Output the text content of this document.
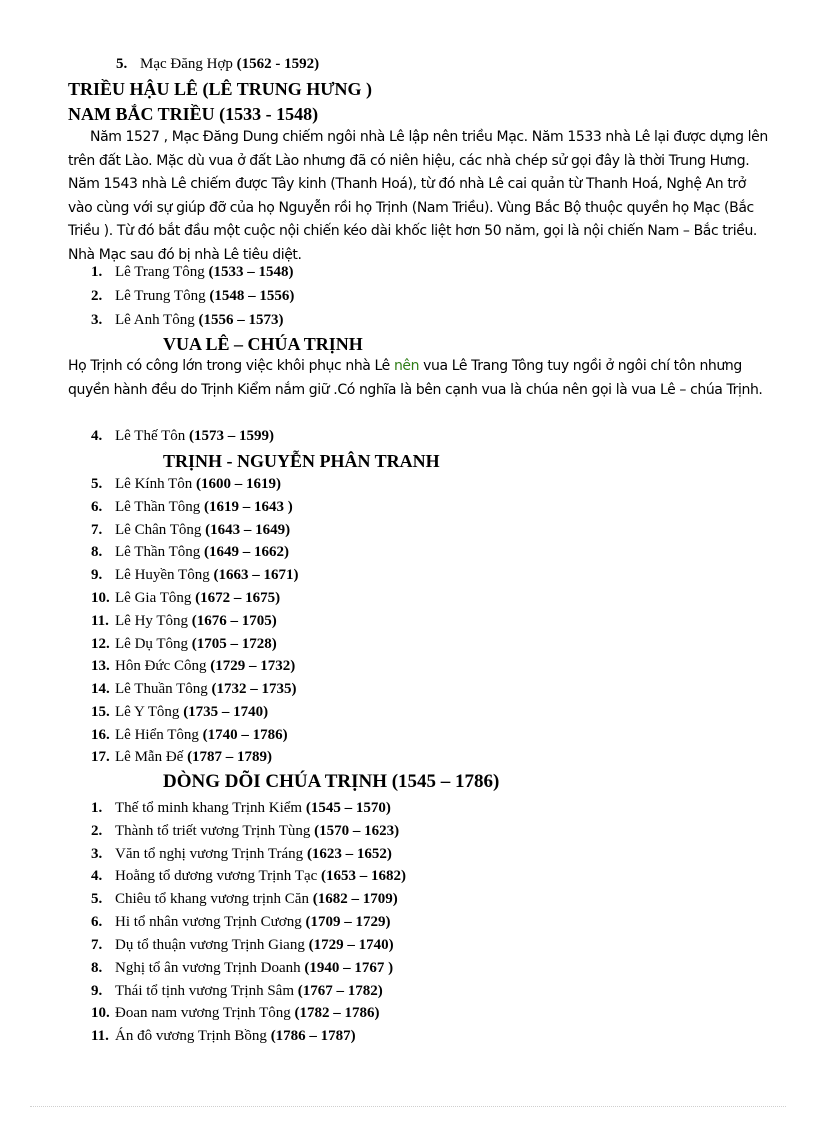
5. Mạc Đăng Hợp (1562 - 1592)
TRIỀU HẬU LÊ (LÊ TRUNG HƯNG )
NAM BẮC TRIỀU (1533 - 1548)

Năm 1527 , Mạc Đăng Dung chiếm ngôi nhà Lê lập nên triều Mạc. Năm 1533 nhà Lê lại được dựng lên trên đất Lào. Mặc dù vua ở đất Lào nhưng đã có niên hiệu, các nhà chép sử gọi đây là thời Trung Hưng. Năm 1543 nhà Lê chiếm được Tây kinh (Thanh Hoá), từ đó nhà Lê cai quản từ Thanh Hoá, Nghệ An trở vào cùng với sự giúp đỡ của họ Nguyễn rồi họ Trịnh (Nam Triều). Vùng Bắc Bộ thuộc quyền họ Mạc (Bắc Triều ). Từ đó bắt đầu một cuộc nội chiến kéo dài khốc liệt hơn 50 năm, gọi là nội chiến Nam – Bắc triều. Nhà Mạc sau đó bị nhà Lê tiêu diệt.

1. Lê Trang Tông (1533 – 1548)
2. Lê Trung Tông (1548 – 1556)
3. Lê Anh Tông (1556 – 1573)
VUA LÊ – CHÚA TRỊNH

Họ Trịnh có công lớn trong việc khôi phục nhà Lê nên vua Lê Trang Tông tuy ngồi ở ngôi chí tôn nhưng quyền hành đều do Trịnh Kiểm nắm giữ .Có nghĩa là bên cạnh vua là chúa nên gọi là vua Lê – chúa Trịnh.

4. Lê Thế Tôn (1573 – 1599)
TRỊNH - NGUYỄN PHÂN TRANH
5. Lê Kính Tôn (1600 – 1619)
6. Lê Thần Tông (1619 – 1643 )
7. Lê Chân Tông (1643 – 1649)
8. Lê Thần Tông (1649 – 1662)
9. Lê Huyền Tông (1663 – 1671)
10. Lê Gia Tông (1672 – 1675)
11. Lê Hy Tông (1676 – 1705)
12. Lê Dụ Tông (1705 – 1728)
13. Hôn Đức Công (1729 – 1732)
14. Lê Thuần Tông (1732 – 1735)
15. Lê Y Tông (1735 – 1740)
16. Lê Hiển Tông (1740 – 1786)
17. Lê Mẫn Đế (1787 – 1789)
DÒNG DÕI CHÚA TRỊNH (1545 – 1786)
1. Thế tổ minh khang Trịnh Kiểm (1545 – 1570)
2. Thành tổ triết vương Trịnh Tùng (1570 – 1623)
3. Văn tổ nghị vương Trịnh Tráng (1623 – 1652)
4. Hoằng tổ dương vương Trịnh Tạc (1653 – 1682)
5. Chiêu tổ khang vương trịnh Căn (1682 – 1709)
6. Hi tổ nhân vương Trịnh Cương (1709 – 1729)
7. Dụ tổ thuận vương Trịnh Giang (1729 – 1740)
8. Nghị tổ ân vương Trịnh Doanh (1940 – 1767 )
9. Thái tổ tịnh vương Trịnh Sâm (1767 – 1782)
10. Đoan nam vương Trịnh Tông (1782 – 1786)
11. Án đô vương Trịnh Bồng (1786 – 1787)
